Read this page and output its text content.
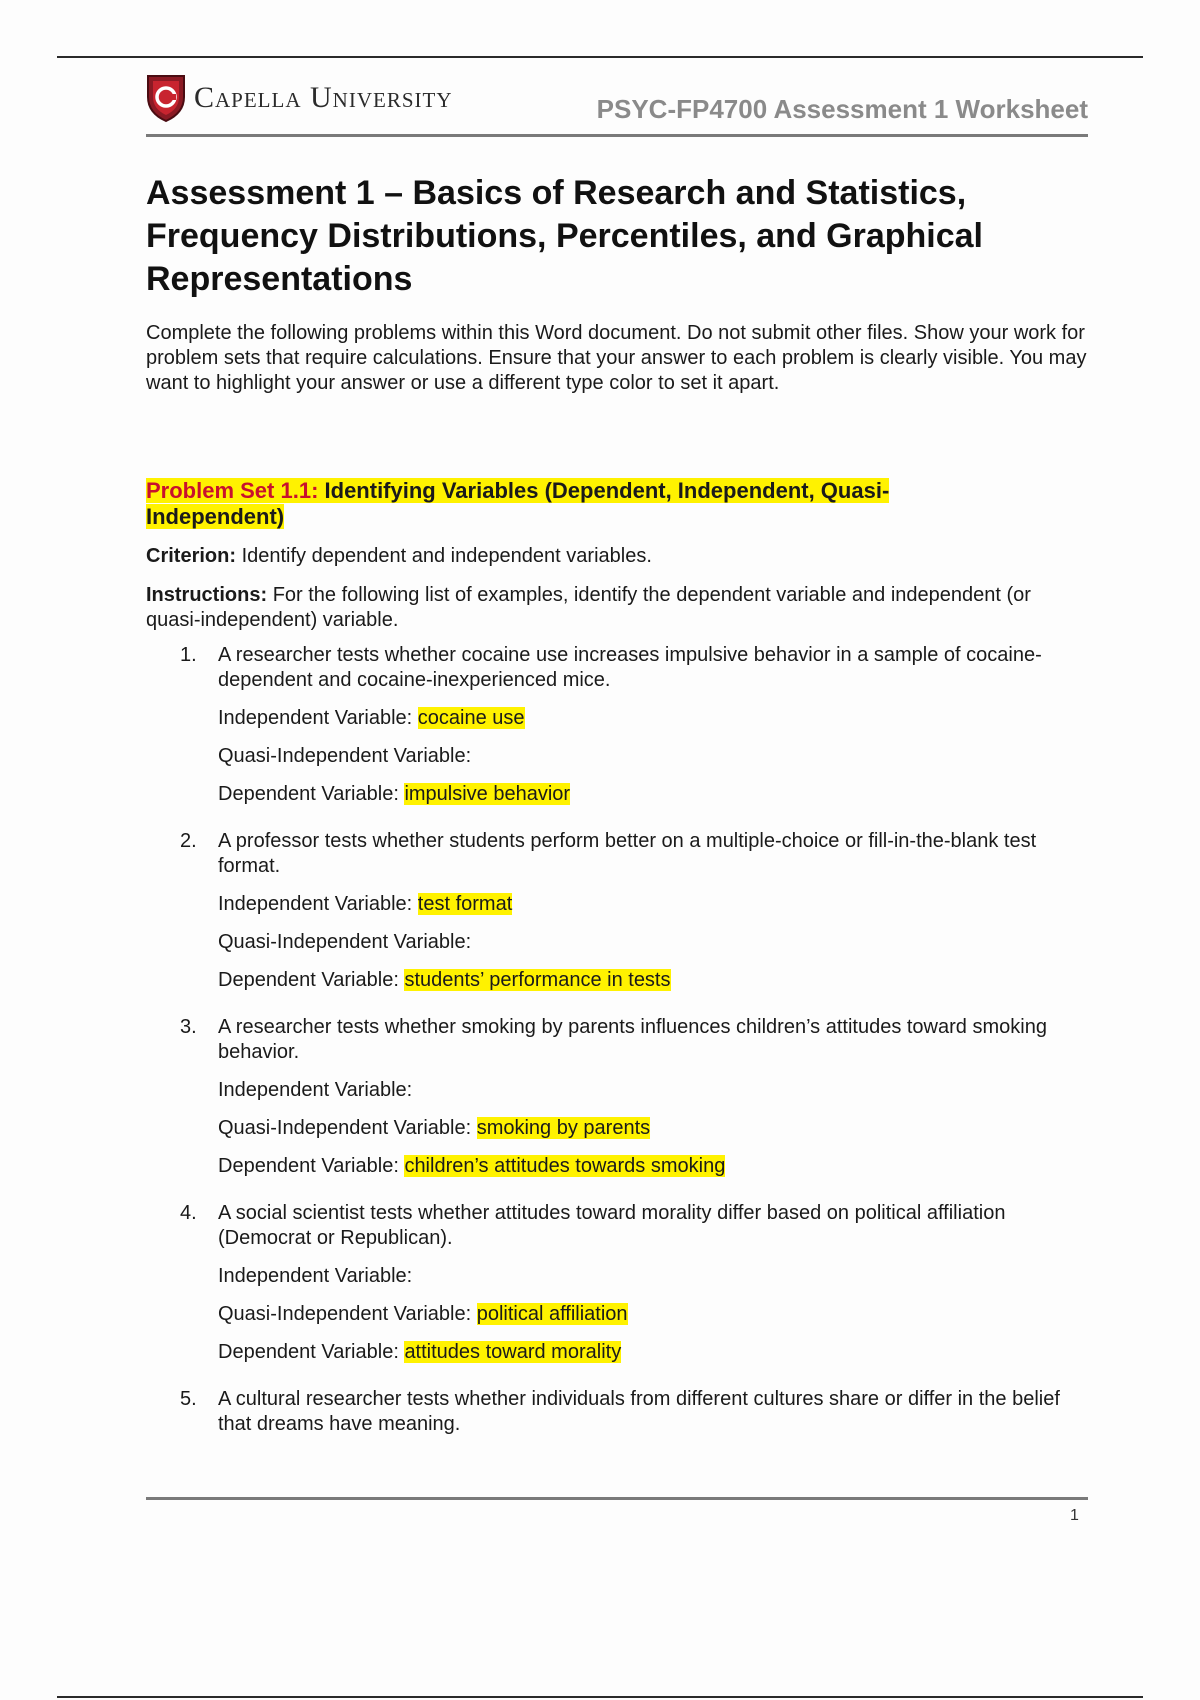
Capella University	PSYC-FP4700 Assessment 1 Worksheet
Assessment 1 – Basics of Research and Statistics, Frequency Distributions, Percentiles, and Graphical Representations

Complete the following problems within this Word document. Do not submit other files. Show your work for problem sets that require calculations. Ensure that your answer to each problem is clearly visible. You may want to highlight your answer or use a different type color to set it apart.

Problem Set 1.1: Identifying Variables (Dependent, Independent, Quasi-Independent)
Criterion: Identify dependent and independent variables.
Instructions: For the following list of examples, identify the dependent variable and independent (or quasi-independent) variable.
1. A researcher tests whether cocaine use increases impulsive behavior in a sample of cocaine-dependent and cocaine-inexperienced mice.

Independent Variable: cocaine use
Quasi-Independent Variable:
Dependent Variable: impulsive behavior
2. A professor tests whether students perform better on a multiple-choice or fill-in-the-blank test format.

Independent Variable: test format
Quasi-Independent Variable:
Dependent Variable: students’ performance in tests
3. A researcher tests whether smoking by parents influences children’s attitudes toward smoking behavior.

Independent Variable:
Quasi-Independent Variable: smoking by parents
Dependent Variable: children’s attitudes towards smoking
4. A social scientist tests whether attitudes toward morality differ based on political affiliation (Democrat or Republican).

Independent Variable:
Quasi-Independent Variable: political affiliation
Dependent Variable: attitudes toward morality
5. A cultural researcher tests whether individuals from different cultures share or differ in the belief that dreams have meaning.

1
